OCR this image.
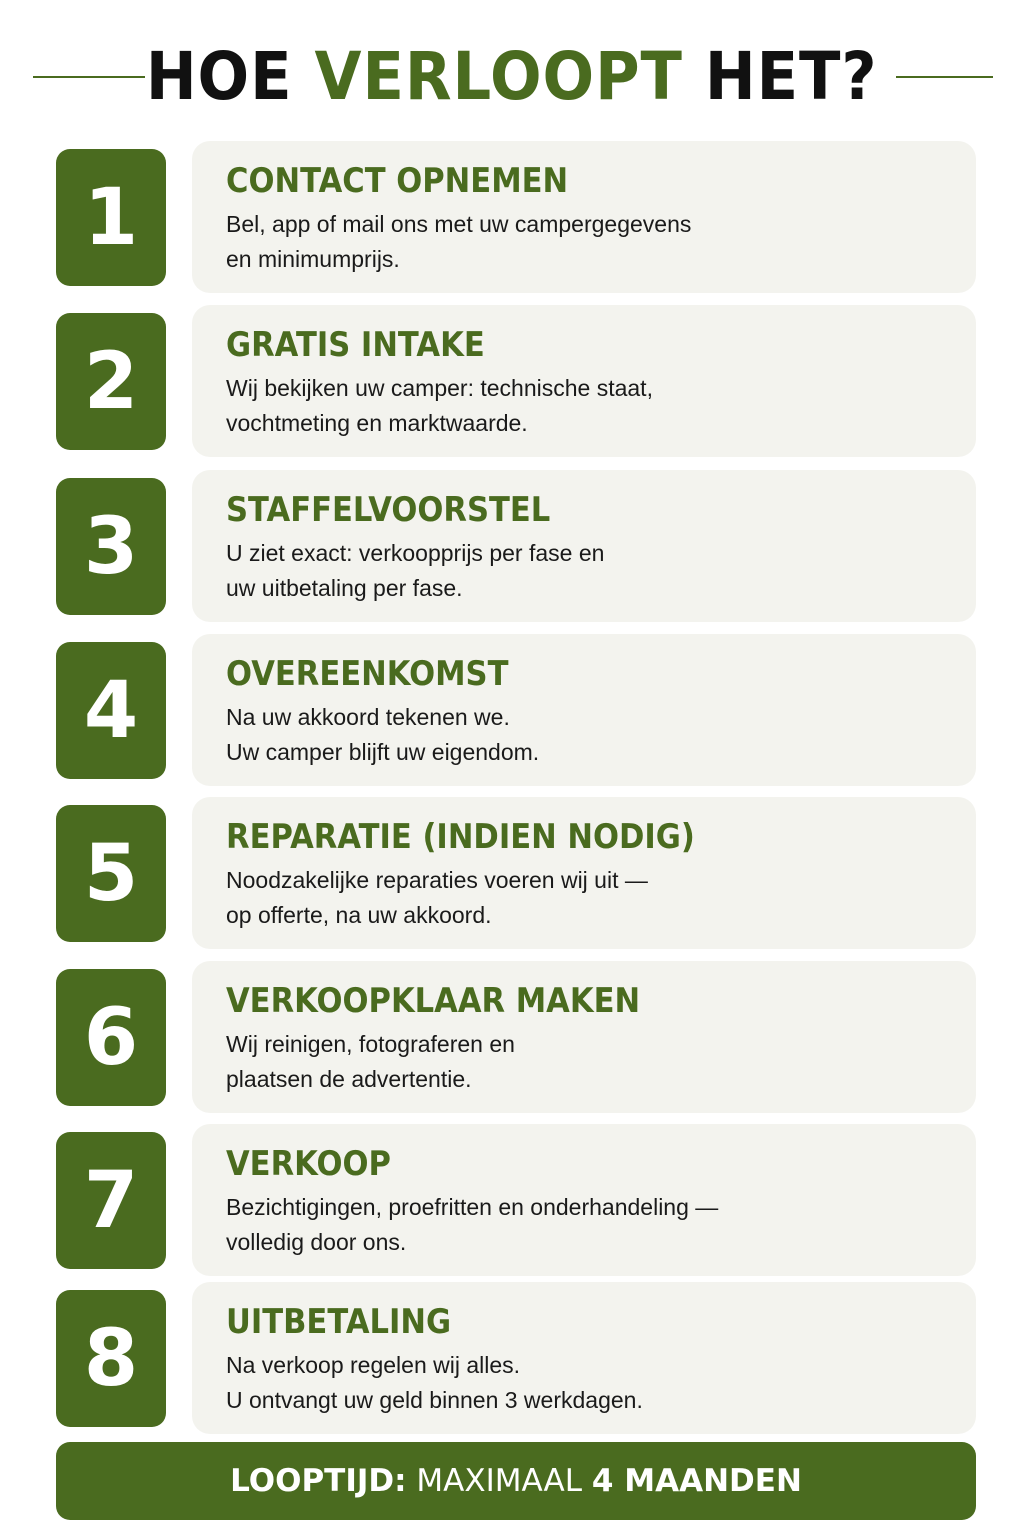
HOE VERLOOPT HET?
1	CONTACT OPNEMEN
Bel, app of mail ons met uw campergegevens
en minimumprijs.
2	GRATIS INTAKE
Wij bekijken uw camper: technische staat,
vochtmeting en marktwaarde.
3	STAFFELVOORSTEL
U ziet exact: verkoopprijs per fase en
uw uitbetaling per fase.
4	OVEREENKOMST
Na uw akkoord tekenen we.
Uw camper blijft uw eigendom.
5	REPARATIE (INDIEN NODIG)
Noodzakelijke reparaties voeren wij uit —
op offerte, na uw akkoord.
6	VERKOOPKLAAR MAKEN
Wij reinigen, fotograferen en
plaatsen de advertentie.
7	VERKOOP
Bezichtigingen, proefritten en onderhandeling —
volledig door ons.
8	UITBETALING
Na verkoop regelen wij alles.
U ontvangt uw geld binnen 3 werkdagen.
LOOPTIJD:
MAXIMAAL
4 MAANDEN
